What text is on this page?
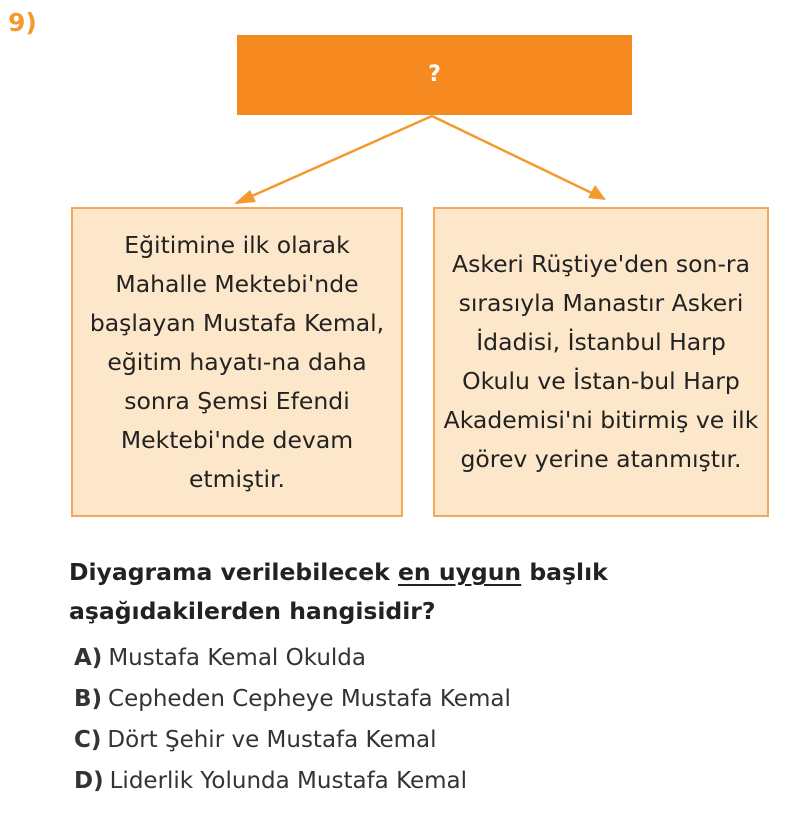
9)
?

Eğitimine ilk olarak Mahalle Mektebi'nde başlayan Mustafa Kemal, eğitim hayatı-na daha sonra Şemsi Efendi Mektebi'nde devam etmiştir.

Askeri Rüştiye'den son-ra sırasıyla Manastır Askeri İdadisi, İstanbul Harp Okulu ve İstan-bul Harp Akademisi'ni bitirmiş ve ilk görev yerine atanmıştır.

Diyagrama verilebilecek en uygun başlık aşağıdakilerden hangisidir?
A) Mustafa Kemal Okulda
B) Cepheden Cepheye Mustafa Kemal
C) Dört Şehir ve Mustafa Kemal
D) Liderlik Yolunda Mustafa Kemal
